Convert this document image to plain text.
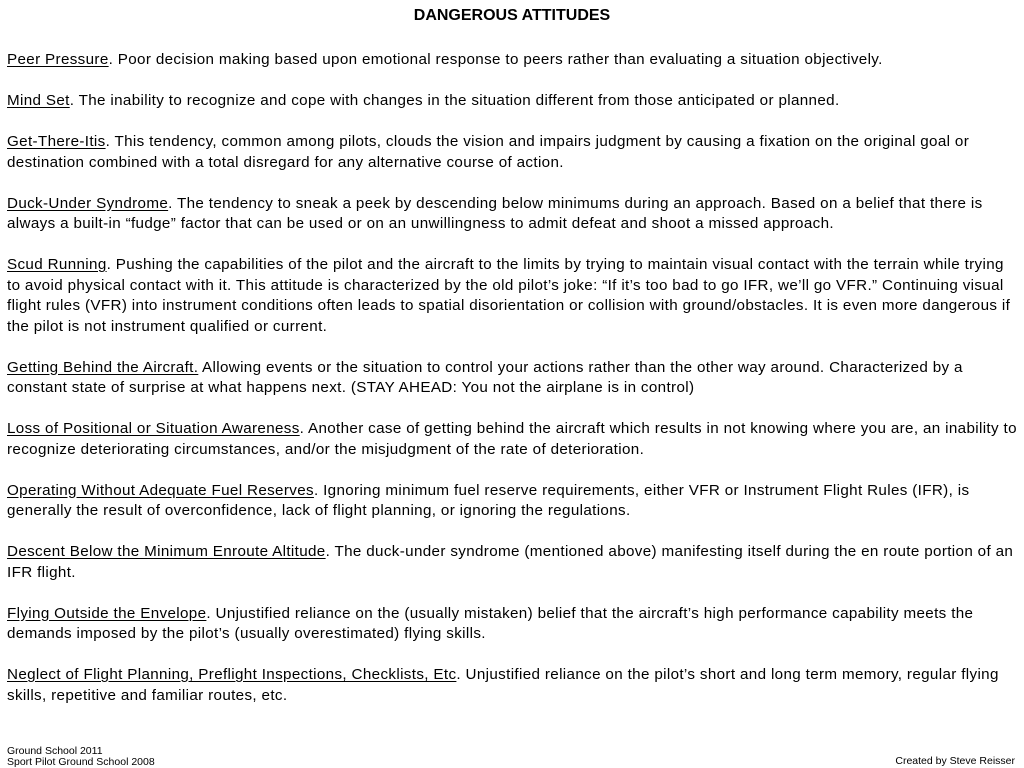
DANGEROUS ATTITUDES

Peer Pressure. Poor decision making based upon emotional response to peers rather than evaluating a situation objectively.

Mind Set. The inability to recognize and cope with changes in the situation different from those anticipated or planned.

Get-There-Itis. This tendency, common among pilots, clouds the vision and impairs judgment by causing a fixation on the original goal or destination combined with a total disregard for any alternative course of action.

Duck-Under Syndrome. The tendency to sneak a peek by descending below minimums during an approach. Based on a belief that there is always a built-in “fudge” factor that can be used or on an unwillingness to admit defeat and shoot a missed approach.

Scud Running. Pushing the capabilities of the pilot and the aircraft to the limits by trying to maintain visual contact with the terrain while trying to avoid physical contact with it. This attitude is characterized by the old pilot’s joke: “If it’s too bad to go IFR, we’ll go VFR.” Continuing visual flight rules (VFR) into instrument conditions often leads to spatial disorientation or collision with ground/obstacles. It is even more dangerous if the pilot is not instrument qualified or current.

Getting Behind the Aircraft. Allowing events or the situation to control your actions rather than the other way around. Characterized by a constant state of surprise at what happens next. (STAY AHEAD: You not the airplane is in control)

Loss of Positional or Situation Awareness. Another case of getting behind the aircraft which results in not knowing where you are, an inability to recognize deteriorating circumstances, and/or the misjudgment of the rate of deterioration.

Operating Without Adequate Fuel Reserves. Ignoring minimum fuel reserve requirements, either VFR or Instrument Flight Rules (IFR), is generally the result of overconfidence, lack of flight planning, or ignoring the regulations.

Descent Below the Minimum Enroute Altitude. The duck-under syndrome (mentioned above) manifesting itself during the en route portion of an IFR flight.

Flying Outside the Envelope. Unjustified reliance on the (usually mistaken) belief that the aircraft’s high performance capability meets the demands imposed by the pilot’s (usually overestimated) flying skills.

Neglect of Flight Planning, Preflight Inspections, Checklists, Etc. Unjustified reliance on the pilot’s short and long term memory, regular flying skills, repetitive and familiar routes, etc.

Ground School 2011
Sport Pilot Ground School 2008	Created by Steve Reisser
